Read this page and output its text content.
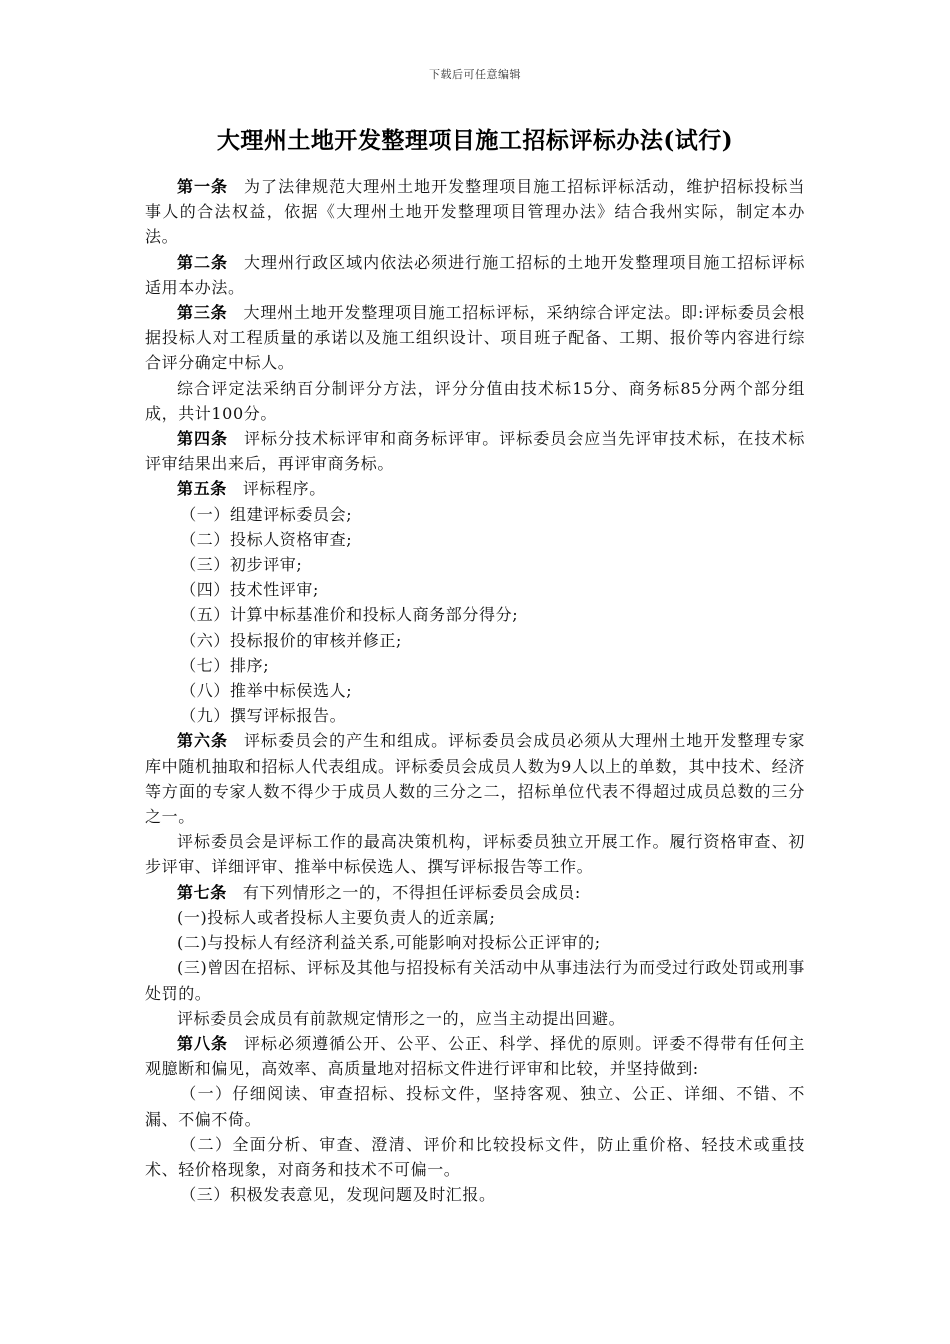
下载后可任意编辑
大理州土地开发整理项目施工招标评标办法(试行)

第一条 为了法律规范大理州土地开发整理项目施工招标评标活动，维护招标投标当事人的合法权益，依据《大理州土地开发整理项目管理办法》结合我州实际，制定本办法。

第二条 大理州行政区域内依法必须进行施工招标的土地开发整理项目施工招标评标适用本办法。

第三条 大理州土地开发整理项目施工招标评标，采纳综合评定法。即:评标委员会根据投标人对工程质量的承诺以及施工组织设计、项目班子配备、工期、报价等内容进行综合评分确定中标人。

综合评定法采纳百分制评分方法，评分分值由技术标15分、商务标85分两个部分组成，共计100分。

第四条 评标分技术标评审和商务标评审。评标委员会应当先评审技术标，在技术标评审结果出来后，再评审商务标。

第五条 评标程序。

（一）组建评标委员会;

（二）投标人资格审查;

（三）初步评审;

（四）技术性评审;

（五）计算中标基准价和投标人商务部分得分;

（六）投标报价的审核并修正;

（七）排序;

（八）推举中标侯选人;

（九）撰写评标报告。

第六条 评标委员会的产生和组成。评标委员会成员必须从大理州土地开发整理专家库中随机抽取和招标人代表组成。评标委员会成员人数为9人以上的单数，其中技术、经济等方面的专家人数不得少于成员人数的三分之二，招标单位代表不得超过成员总数的三分之一。

评标委员会是评标工作的最高决策机构，评标委员独立开展工作。履行资格审查、初步评审、详细评审、推举中标侯选人、撰写评标报告等工作。

第七条 有下列情形之一的，不得担任评标委员会成员:

(一)投标人或者投标人主要负责人的近亲属;

(二)与投标人有经济利益关系,可能影响对投标公正评审的;

(三)曾因在招标、评标及其他与招投标有关活动中从事违法行为而受过行政处罚或刑事处罚的。

评标委员会成员有前款规定情形之一的，应当主动提出回避。

第八条 评标必须遵循公开、公平、公正、科学、择优的原则。评委不得带有任何主观臆断和偏见，高效率、高质量地对招标文件进行评审和比较，并坚持做到:

（一）仔细阅读、审查招标、投标文件，坚持客观、独立、公正、详细、不错、不漏、不偏不倚。

（二）全面分析、审查、澄清、评价和比较投标文件，防止重价格、轻技术或重技术、轻价格现象，对商务和技术不可偏一。

（三）积极发表意见，发现问题及时汇报。
